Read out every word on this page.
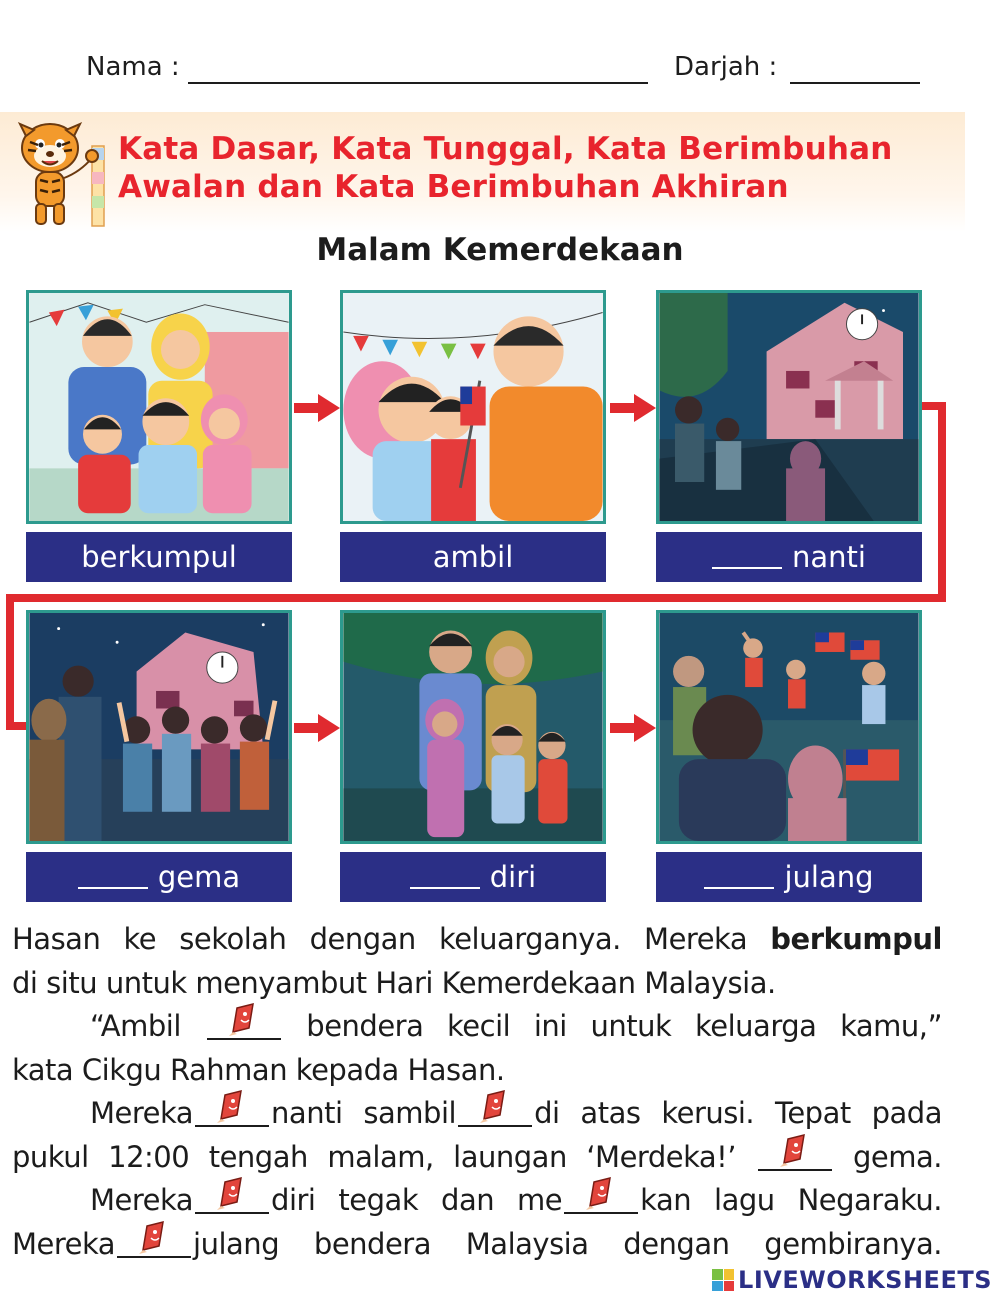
Nama :	Darjah :
Kata Dasar, Kata Tunggal, Kata Berimbuhan
Awalan dan Kata Berimbuhan Akhiran
Malam Kemerdekaan
berkumpul	ambil	nanti
gema	diri	julang

Hasan ke sekolah dengan keluarganya. Mereka berkumpul

di situ untuk menyambut Hari Kemerdekaan Malaysia.

“Ambil	bendera kecil ini untuk keluarga kamu,”

kata Cikgu Rahman kepada Hasan.

Mereka	nanti sambil	di atas kerusi. Tepat pada

pukul 12:00 tengah malam, laungan ‘Merdeka!’	gema.

Mereka	diri tegak dan me	kan lagu Negaraku.

Mereka	julang bendera Malaysia dengan gembiranya.

LIVEWORKSHEETS
